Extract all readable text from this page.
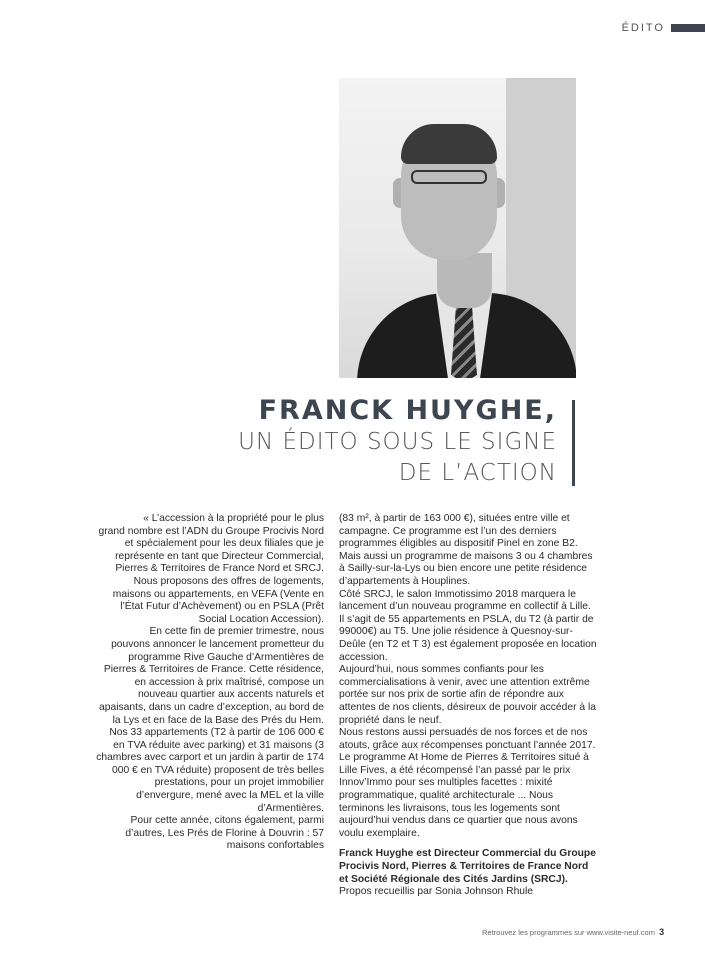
ÉDITO
FRANCK HUYGHE,
UN ÉDITO SOUS LE SIGNE
DE L’ACTION

« L’accession à la propriété pour le plus grand nombre est l’ADN du Groupe Procivis Nord et spécialement pour les deux filiales que je représente en tant que Directeur Commercial, Pierres & Territoires de France Nord et SRCJ. Nous proposons des offres de logements, maisons ou appartements, en VEFA (Vente en l’État Futur d’Achèvement) ou en PSLA (Prêt Social Location Accession).

En cette fin de premier trimestre, nous pouvons annoncer le lancement prometteur du programme Rive Gauche d’Armentières de Pierres & Territoires de France. Cette résidence, en accession à prix maîtrisé, compose un nouveau quartier aux accents naturels et apaisants, dans un cadre d’exception, au bord de la Lys et en face de la Base des Prés du Hem. Nos 33 appartements (T2 à partir de 106 000 € en TVA réduite avec parking) et 31 maisons (3 chambres avec carport et un jardin à partir de 174 000 € en TVA réduite) proposent de très belles prestations, pour un projet immobilier d’envergure, mené avec la MEL et la ville d’Armentières.

Pour cette année, citons également, parmi d’autres, Les Prés de Florine à Douvrin : 57 maisons confortables

(83 m², à partir de 163 000 €), situées entre ville et campagne. Ce programme est l’un des derniers programmes éligibles au dispositif Pinel en zone B2. Mais aussi un programme de maisons 3 ou 4 chambres à Sailly-sur-la-Lys ou bien encore une petite résidence d’appartements à Houplines.

Côté SRCJ, le salon Immotissimo 2018 marquera le lancement d’un nouveau programme en collectif à Lille. Il s’agit de 55 appartements en PSLA, du T2 (à partir de 99000€) au T5. Une jolie résidence à Quesnoy-sur-Deûle (en T2 et T 3) est également proposée en location accession.

Aujourd’hui, nous sommes confiants pour les commercialisations à venir, avec une attention extrême portée sur nos prix de sortie afin de répondre aux attentes de nos clients, désireux de pouvoir accéder à la propriété dans le neuf.

Nous restons aussi persuadés de nos forces et de nos atouts, grâce aux récompenses ponctuant l’année 2017. Le programme At Home de Pierres & Territoires situé à Lille Fives, a été récompensé l’an passé par le prix Innov’Immo pour ses multiples facettes : mixité programmatique, qualité architecturale ... Nous terminons les livraisons, tous les logements sont aujourd’hui vendus dans ce quartier que nous avons voulu exemplaire.

Franck Huyghe est Directeur Commercial du Groupe Procivis Nord, Pierres & Territoires de France Nord et Société Régionale des Cités Jardins (SRCJ).

Propos recueillis par Sonia Johnson Rhule

Retrouvez les programmes sur www.visite-neuf.com 3
